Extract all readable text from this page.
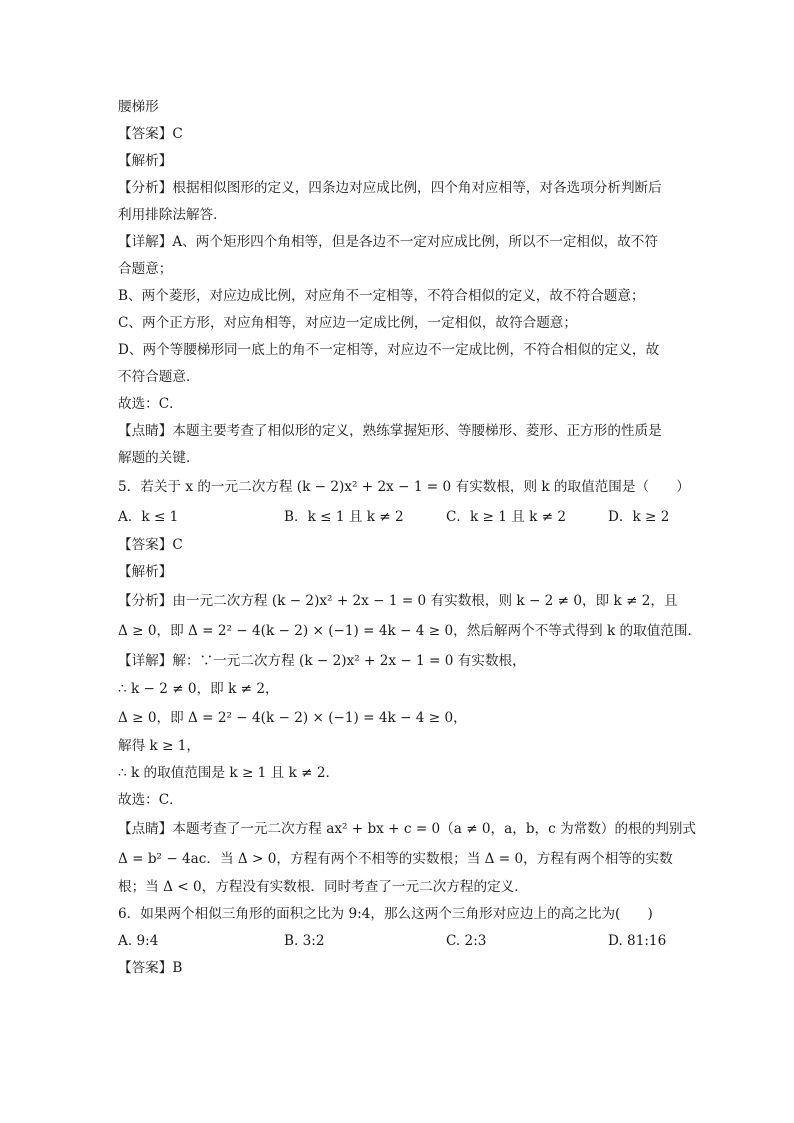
腰梯形
【答案】C
【解析】
【分析】根据相似图形的定义，四条边对应成比例，四个角对应相等，对各选项分析判断后
利用排除法解答．
【详解】A、两个矩形四个角相等，但是各边不一定对应成比例，所以不一定相似，故不符
合题意；
B、两个菱形，对应边成比例，对应角不一定相等，不符合相似的定义，故不符合题意；
C、两个正方形，对应角相等，对应边一定成比例，一定相似，故符合题意；
D、两个等腰梯形同一底上的角不一定相等，对应边不一定成比例，不符合相似的定义，故
不符合题意．
故选：C．
【点睛】本题主要考查了相似形的定义，熟练掌握矩形、等腰梯形、菱形、正方形的性质是
解题的关键．
5．若关于 x 的一元二次方程 (k − 2)x² + 2x − 1 = 0 有实数根，则 k 的取值范围是（　　）
A．k ≤ 1	B．k ≤ 1 且 k ≠ 2	C．k ≥ 1 且 k ≠ 2	D．k ≥ 2
【答案】C
【解析】
【分析】由一元二次方程 (k − 2)x² + 2x − 1 = 0 有实数根，则 k − 2 ≠ 0，即 k ≠ 2，且
Δ ≥ 0，即 Δ = 2² − 4(k − 2) × (−1) = 4k − 4 ≥ 0，然后解两个不等式得到 k 的取值范围．
【详解】解：∵一元二次方程 (k − 2)x² + 2x − 1 = 0 有实数根，
∴ k − 2 ≠ 0，即 k ≠ 2，
Δ ≥ 0，即 Δ = 2² − 4(k − 2) × (−1) = 4k − 4 ≥ 0，
解得 k ≥ 1，
∴ k 的取值范围是 k ≥ 1 且 k ≠ 2．
故选：C．
【点睛】本题考查了一元二次方程 ax² + bx + c = 0（a ≠ 0，a，b，c 为常数）的根的判别式
Δ = b² − 4ac．当 Δ > 0，方程有两个不相等的实数根；当 Δ = 0，方程有两个相等的实数
根；当 Δ < 0，方程没有实数根．同时考查了一元二次方程的定义．
6．如果两个相似三角形的面积之比为 9:4，那么这两个三角形对应边上的高之比为(　　)
A. 9:4	B. 3:2	C. 2:3	D. 81:16
【答案】B
